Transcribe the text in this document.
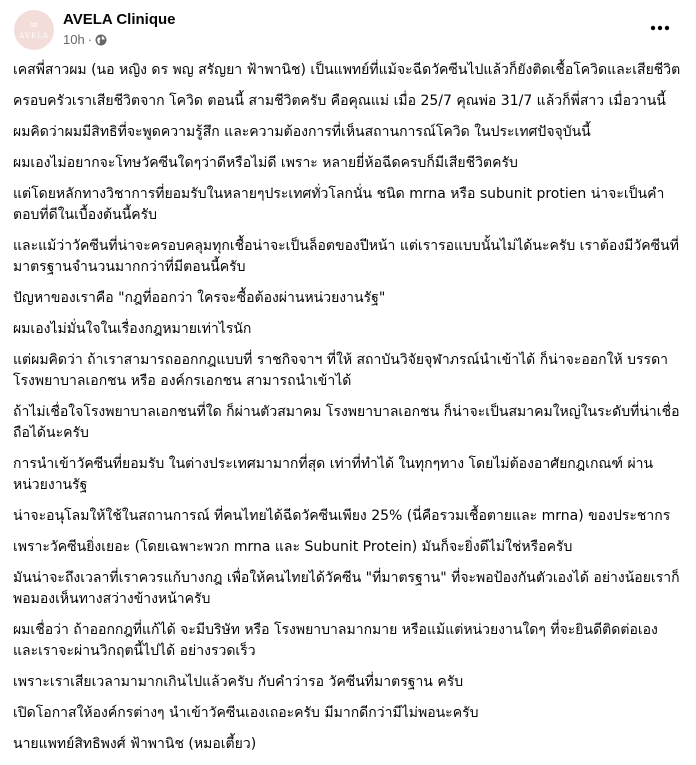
∞
AVELA
AVELA Clinique
10h ·

เคสพี่สาวผม (นอ หญิง ดร พญ สรัญยา ฟ้าพานิช) เป็นแพทย์ที่แม้จะฉีดวัคซีนไปแล้วก็ยังติดเชื้อโควิดและเสียชีวิต

ครอบครัวเราเสียชีวิตจาก โควิด ตอนนี้ สามชีวิตครับ คือคุณแม่ เมื่อ 25/7 คุณพ่อ 31/7 แล้วก็พี่สาว เมื่อวานนี้

ผมคิดว่าผมมีสิทธิที่จะพูดความรู้สึก และความต้องการที่เห็นสถานการณ์โควิด ในประเทศปัจจุบันนี้

ผมเองไม่อยากจะโทษวัคซีนใดๆว่าดีหรือไม่ดี เพราะ หลายยี่ห้อฉีดครบก็มีเสียชีวิตครับ

แต่โดยหลักทางวิชาการที่ยอมรับในหลายๆประเทศทั่วโลกนั่น ชนิด mrna หรือ subunit protien น่าจะเป็นคำตอบที่ดีในเบื้องต้นนี้ครับ

และแม้ว่าวัคซีนที่น่าจะครอบคลุมทุกเชื้อน่าจะเป็นล็อตของปีหน้า แต่เรารอแบบนั้นไม่ได้นะครับ เราต้องมีวัคซีนที่มาตรฐานจำนวนมากกว่าที่มีตอนนี้ครับ

ปัญหาของเราคือ "กฎที่ออกว่า ใครจะซื้อต้องผ่านหน่วยงานรัฐ"

ผมเองไม่มั่นใจในเรื่องกฎหมายเท่าไรนัก

แต่ผมคิดว่า ถ้าเราสามารถออกกฎแบบที่ ราชกิจจาฯ ที่ให้ สถาบันวิจัยจุฬาภรณ์นำเข้าได้ ก็น่าจะออกให้ บรรดา โรงพยาบาลเอกชน หรือ องค์กรเอกชน สามารถนำเข้าได้

ถ้าไม่เชื่อใจโรงพยาบาลเอกชนที่ใด ก็ผ่านตัวสมาคม โรงพยาบาลเอกชน ก็น่าจะเป็นสมาคมใหญ่ในระดับที่น่าเชื่อถือได้นะครับ

การนำเข้าวัคซีนที่ยอมรับ ในต่างประเทศมามากที่สุด เท่าที่ทำได้ ในทุกๆทาง โดยไม่ต้องอาศัยกฎเกณฑ์ ผ่านหน่วยงานรัฐ

น่าจะอนุโลมให้ใช้ในสถานการณ์ ที่คนไทยได้ฉีดวัคซีนเพียง 25% (นี่คือรวมเชื้อตายและ mrna) ของประชากร

เพราะวัคซีนยิ่งเยอะ (โดยเฉพาะพวก mrna และ Subunit Protein) มันก็จะยิ่งดีไม่ใช่หรือครับ

มันน่าจะถึงเวลาที่เราควรแก้บางกฎ เพื่อให้คนไทยได้วัคซีน "ที่มาตรฐาน" ที่จะพอป้องกันตัวเองได้ อย่างน้อยเราก็พอมองเห็นทางสว่างข้างหน้าครับ

ผมเชื่อว่า ถ้าออกกฎที่แก้ได้ จะมีบริษัท หรือ โรงพยาบาลมากมาย หรือแม้แต่หน่วยงานใดๆ ที่จะยินดีติดต่อเอง และเราจะผ่านวิกฤตนี้ไปได้ อย่างรวดเร็ว

เพราะเราเสียเวลามามากเกินไปแล้วครับ กับคำว่ารอ วัคซีนที่มาตรฐาน ครับ

เปิดโอกาสให้องค์กรต่างๆ นำเข้าวัคซีนเองเถอะครับ มีมากดีกว่ามีไม่พอนะครับ

นายแพทย์สิทธิพงศ์ ฟ้าพานิช (หมอเตี้ยว)
